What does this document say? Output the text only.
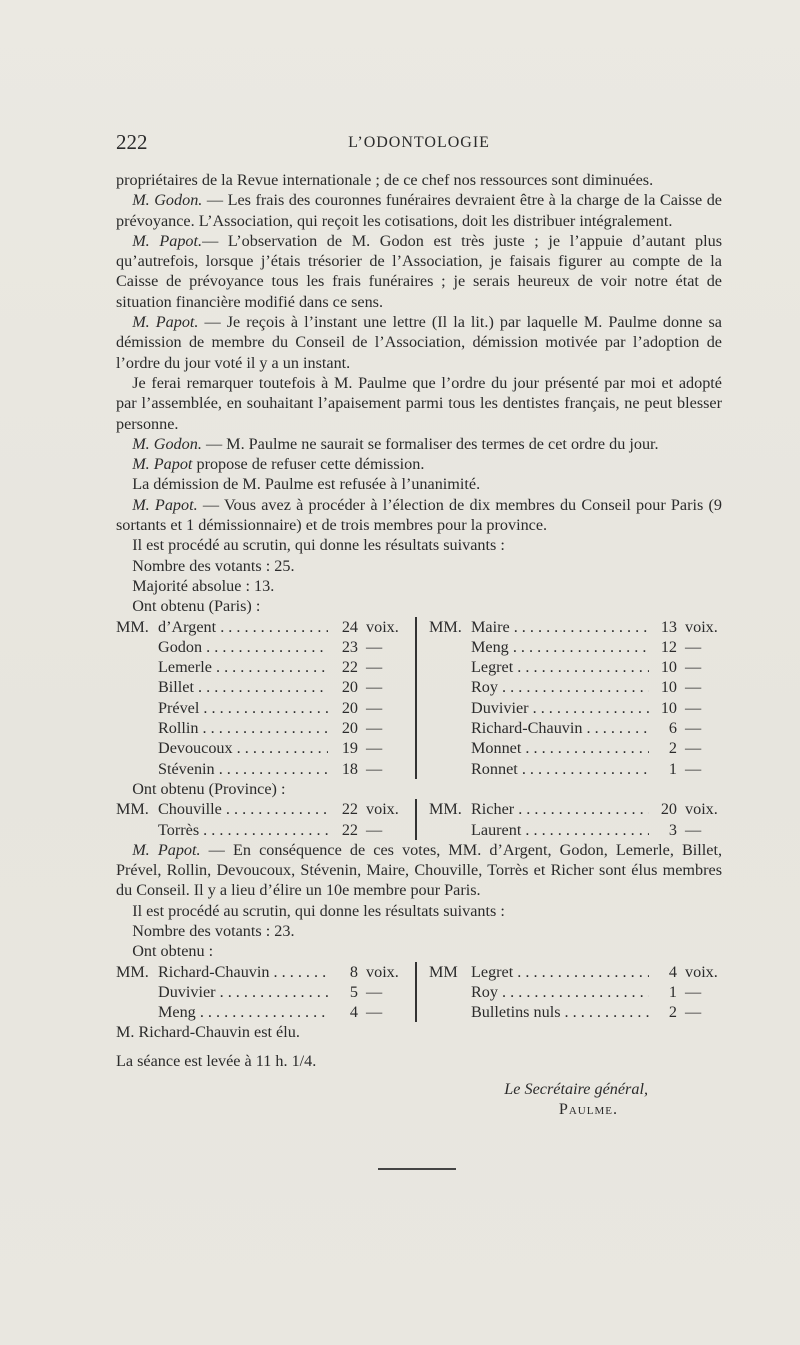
222	L’ODONTOLOGIE

propriétaires de la Revue internationale ; de ce chef nos ressources sont diminuées.

M. Godon. — Les frais des couronnes funéraires devraient être à la charge de la Caisse de prévoyance. L’Association, qui reçoit les cotisations, doit les distribuer intégralement.

M. Papot.— L’observation de M. Godon est très juste ; je l’appuie d’autant plus qu’autrefois, lorsque j’étais trésorier de l’Association, je faisais figurer au compte de la Caisse de prévoyance tous les frais funéraires ; je serais heureux de voir notre état de situation financière modifié dans ce sens.

M. Papot. — Je reçois à l’instant une lettre (Il la lit.) par laquelle M. Paulme donne sa démission de membre du Conseil de l’Association, démission motivée par l’adoption de l’ordre du jour voté il y a un instant.

Je ferai remarquer toutefois à M. Paulme que l’ordre du jour présenté par moi et adopté par l’assemblée, en souhaitant l’apaisement parmi tous les dentistes français, ne peut blesser personne.

M. Godon. — M. Paulme ne saurait se formaliser des termes de cet ordre du jour.

M. Papot propose de refuser cette démission.

La démission de M. Paulme est refusée à l’unanimité.

M. Papot. — Vous avez à procéder à l’élection de dix membres du Conseil pour Paris (9 sortants et 1 démissionnaire) et de trois membres pour la province.

Il est procédé au scrutin, qui donne les résultats suivants :

Nombre des votants : 25.

Majorité absolue : 13.

Ont obtenu (Paris) :

MM. d’Argent . . .	24 voix. MM. Maire . . .	13 voix.
Godon . . .	23 —	Meng . . .	12 —
Lemerle . . .	22 —	Legret . . .	10 —
Billet . . .	20 —	Roy . . .	10 —
Prével . . .	20 —	Duvivier . . .	10 —
Rollin . . .	20 —	Richard-Chauvin . . .	6 —
Devoucoux . . .	19 —	Monnet . . .	2 —
Stévenin . . .	18 —	Ronnet . . .	1 —

Ont obtenu (Province) :

MM. Chouville . . .	22 voix. MM. Richer . . .	20 voix.
Torrès . . .	22 —	Laurent . . .	3 —

M. Papot. — En conséquence de ces votes, MM. d’Argent, Godon, Lemerle, Billet, Prével, Rollin, Devoucoux, Stévenin, Maire, Chouville, Torrès et Richer sont élus membres du Conseil. Il y a lieu d’élire un 10e membre pour Paris.

Il est procédé au scrutin, qui donne les résultats suivants :

Nombre des votants : 23.

Ont obtenu :

MM. Richard-Chauvin . . .	8 voix. MM Legret . . .	4 voix.
Duvivier . . .	5 —	Roy . . .	1 —
Meng . . .	4 —	Bulletins nuls . . .	2 —

M. Richard-Chauvin est élu.

La séance est levée à 11 h. 1/4.

Le Secrétaire général,
Paulme.
